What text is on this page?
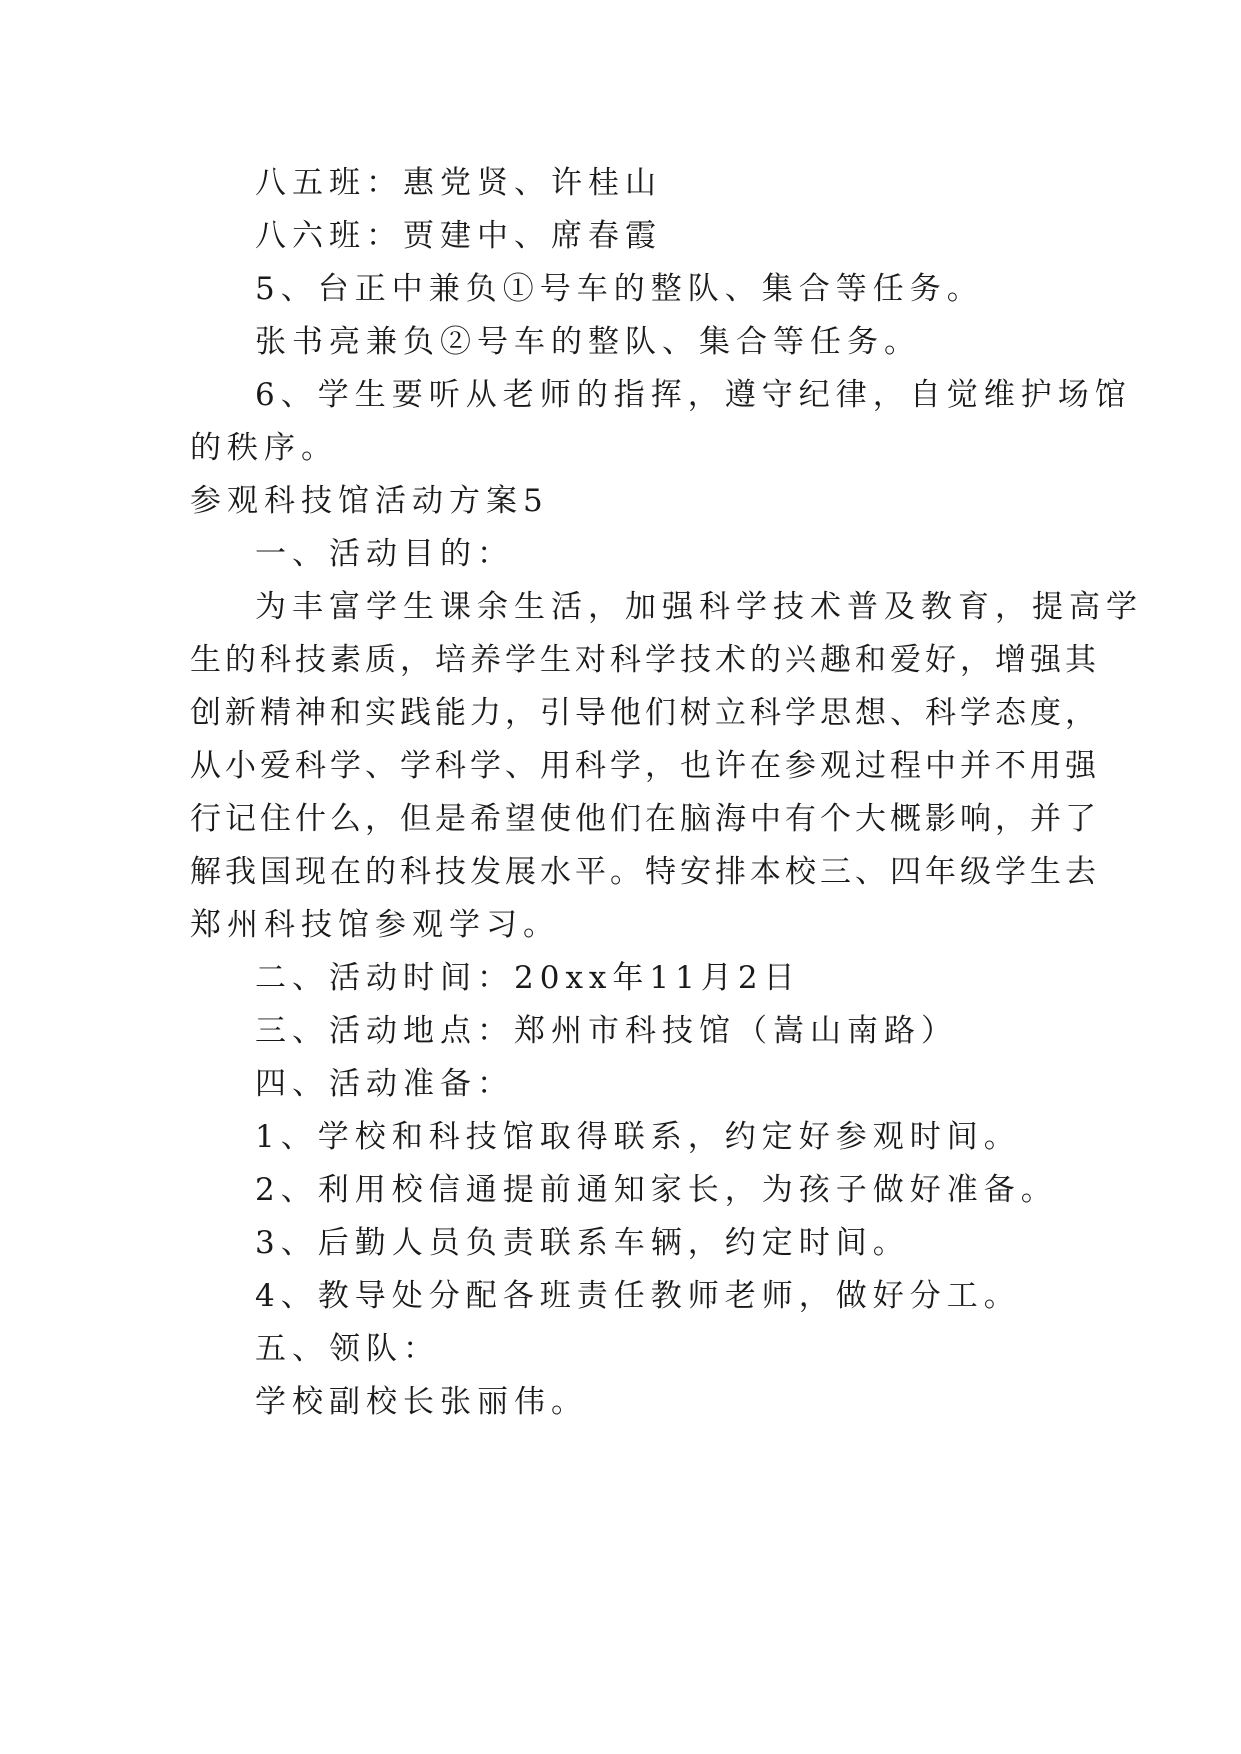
八五班：惠党贤、许桂山

八六班：贾建中、席春霞

5、台正中兼负①号车的整队、集合等任务。

张书亮兼负②号车的整队、集合等任务。

6、学生要听从老师的指挥，遵守纪律，自觉维护场馆

的秩序。

参观科技馆活动方案5

一、活动目的：

为丰富学生课余生活，加强科学技术普及教育，提高学

生的科技素质，培养学生对科学技术的兴趣和爱好，增强其

创新精神和实践能力，引导他们树立科学思想、科学态度，

从小爱科学、学科学、用科学，也许在参观过程中并不用强

行记住什么，但是希望使他们在脑海中有个大概影响，并了

解我国现在的科技发展水平。特安排本校三、四年级学生去

郑州科技馆参观学习。

二、活动时间：20xx年11月2日

三、活动地点：郑州市科技馆（嵩山南路）

四、活动准备：

1、学校和科技馆取得联系，约定好参观时间。

2、利用校信通提前通知家长，为孩子做好准备。

3、后勤人员负责联系车辆，约定时间。

4、教导处分配各班责任教师老师，做好分工。

五、领队：

学校副校长张丽伟。
